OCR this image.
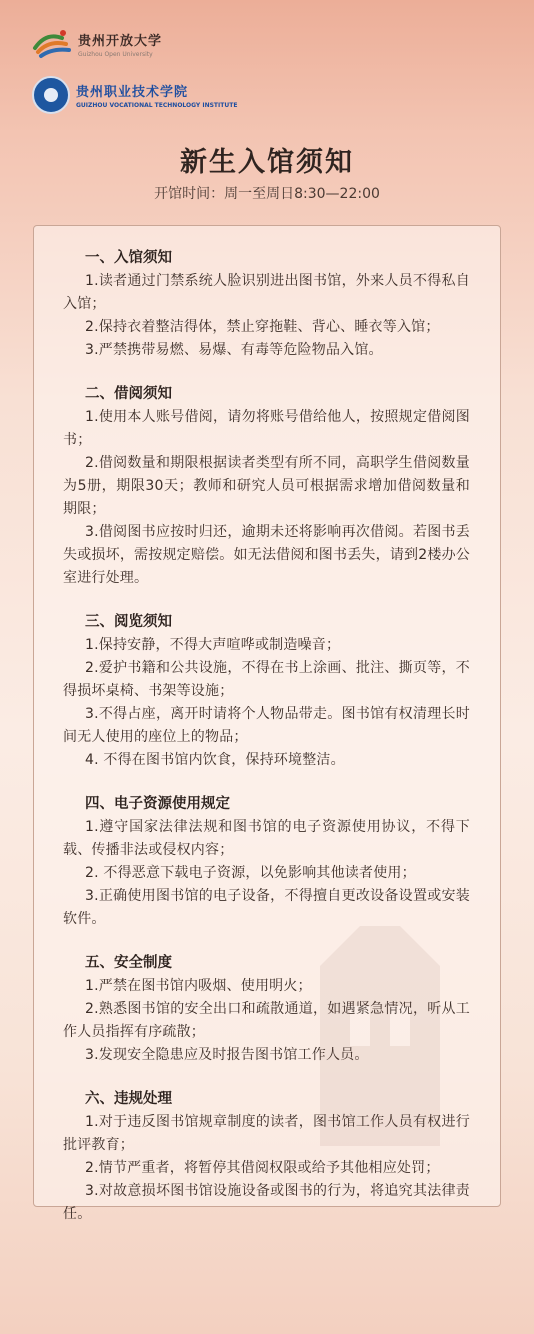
贵州开放大学
Guizhou Open University
贵州职业技术学院
GUIZHOU VOCATIONAL TECHNOLOGY INSTITUTE
新生入馆须知
开馆时间：周一至周日8:30—22:00
一、入馆须知
1.读者通过门禁系统人脸识别进出图书馆，外来人员不得私自入馆；
2.保持衣着整洁得体，禁止穿拖鞋、背心、睡衣等入馆；
3.严禁携带易燃、易爆、有毒等危险物品入馆。
二、借阅须知
1.使用本人账号借阅，请勿将账号借给他人，按照规定借阅图书；
2.借阅数量和期限根据读者类型有所不同，高职学生借阅数量为5册，期限30天；教师和研究人员可根据需求增加借阅数量和期限；
3.借阅图书应按时归还，逾期未还将影响再次借阅。若图书丢失或损坏，需按规定赔偿。如无法借阅和图书丢失，请到2楼办公室进行处理。
三、阅览须知
1.保持安静，不得大声喧哗或制造噪音；
2.爱护书籍和公共设施，不得在书上涂画、批注、撕页等，不得损坏桌椅、书架等设施；
3.不得占座，离开时请将个人物品带走。图书馆有权清理长时间无人使用的座位上的物品；
4. 不得在图书馆内饮食，保持环境整洁。
四、电子资源使用规定
1.遵守国家法律法规和图书馆的电子资源使用协议，不得下载、传播非法或侵权内容；
2. 不得恶意下载电子资源，以免影响其他读者使用；
3.正确使用图书馆的电子设备，不得擅自更改设备设置或安装软件。
五、安全制度
1.严禁在图书馆内吸烟、使用明火；
2.熟悉图书馆的安全出口和疏散通道，如遇紧急情况，听从工作人员指挥有序疏散；
3.发现安全隐患应及时报告图书馆工作人员。
六、违规处理
1.对于违反图书馆规章制度的读者，图书馆工作人员有权进行批评教育；
2.情节严重者，将暂停其借阅权限或给予其他相应处罚；
3.对故意损坏图书馆设施设备或图书的行为，将追究其法律责任。
